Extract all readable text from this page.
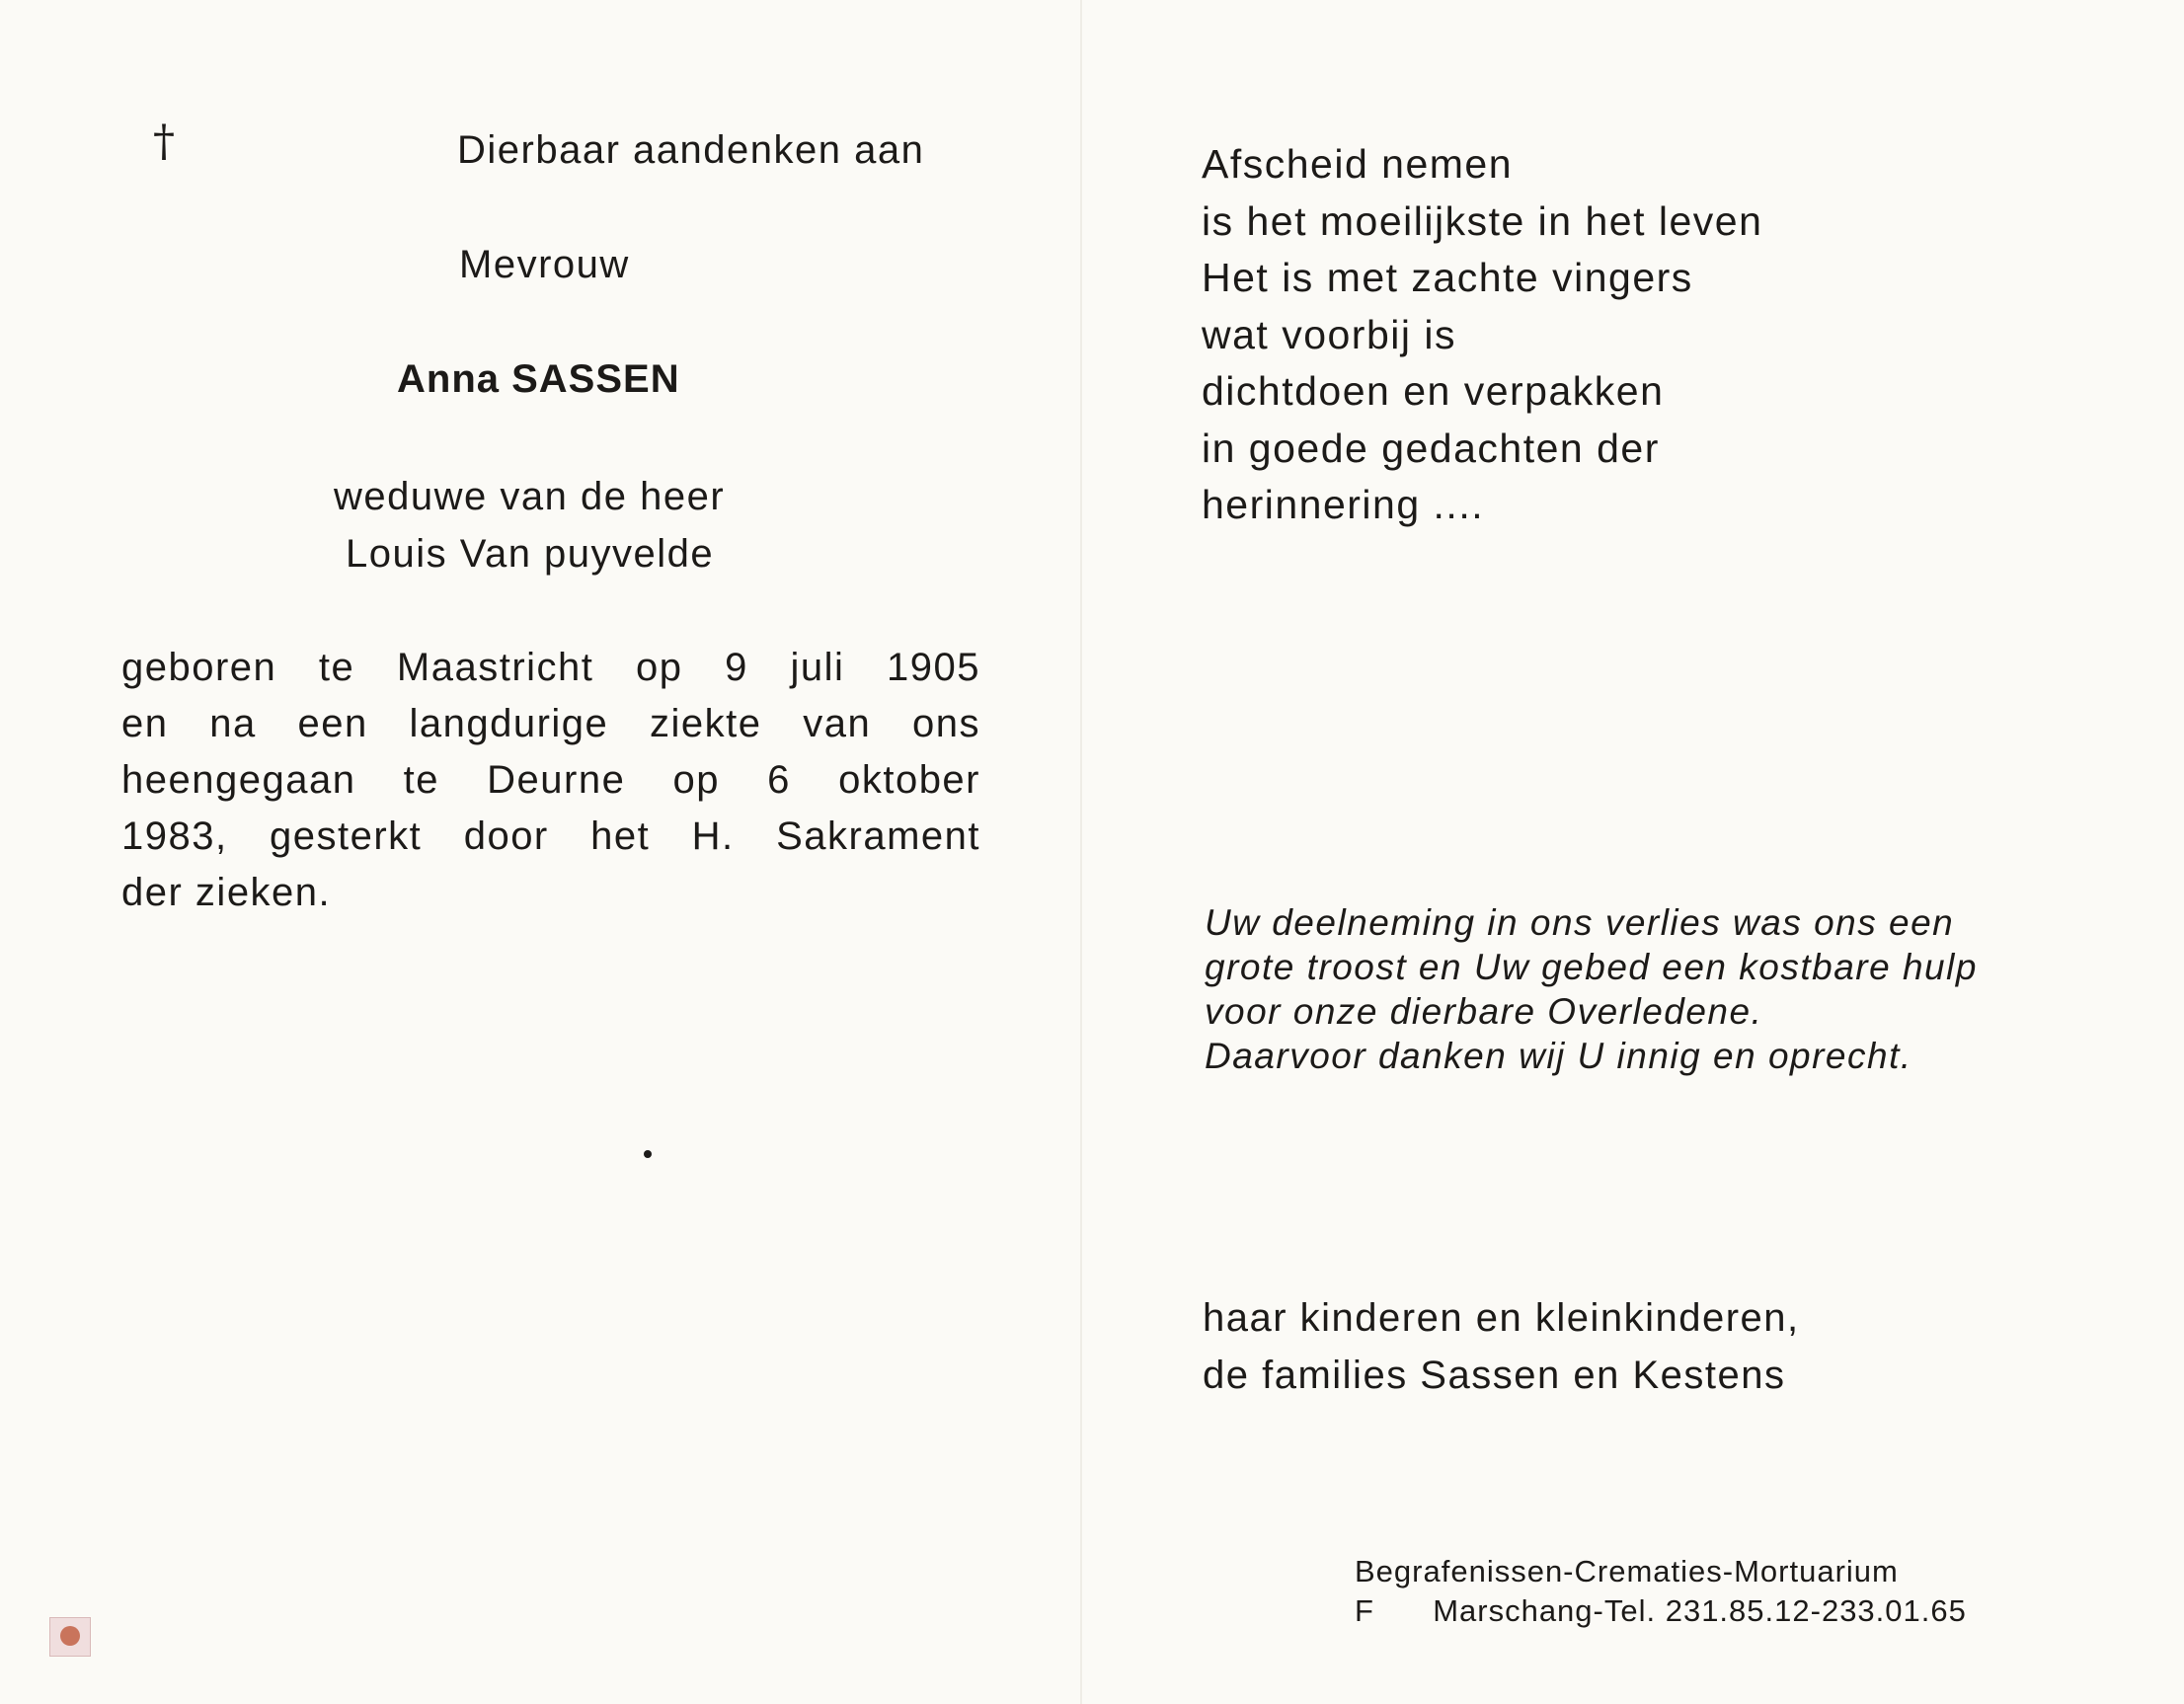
†	Dierbaar aandenken aan

Mevrouw

Anna SASSEN

weduwe van de heer

Louis Van puyvelde

geboren te Maastricht op 9 juli 1905
en na een langdurige ziekte van ons
heengegaan te Deurne op 6 oktober
1983, gesterkt door het H. Sakrament
der zieken.
Afscheid nemen
is het moeilijkste in het leven
Het is met zachte vingers
wat voorbij is
dichtdoen en verpakken
in goede gedachten der
herinnering ....
Uw deelneming in ons verlies was ons een
grote troost en Uw gebed een kostbare hulp
voor onze dierbare Overledene.
Daarvoor danken wij U innig en oprecht.
haar kinderen en kleinkinderen,
de families Sassen en Kestens
Begrafenissen-Crematies-Mortuarium
F Marschang-Tel. 231.85.12-233.01.65
